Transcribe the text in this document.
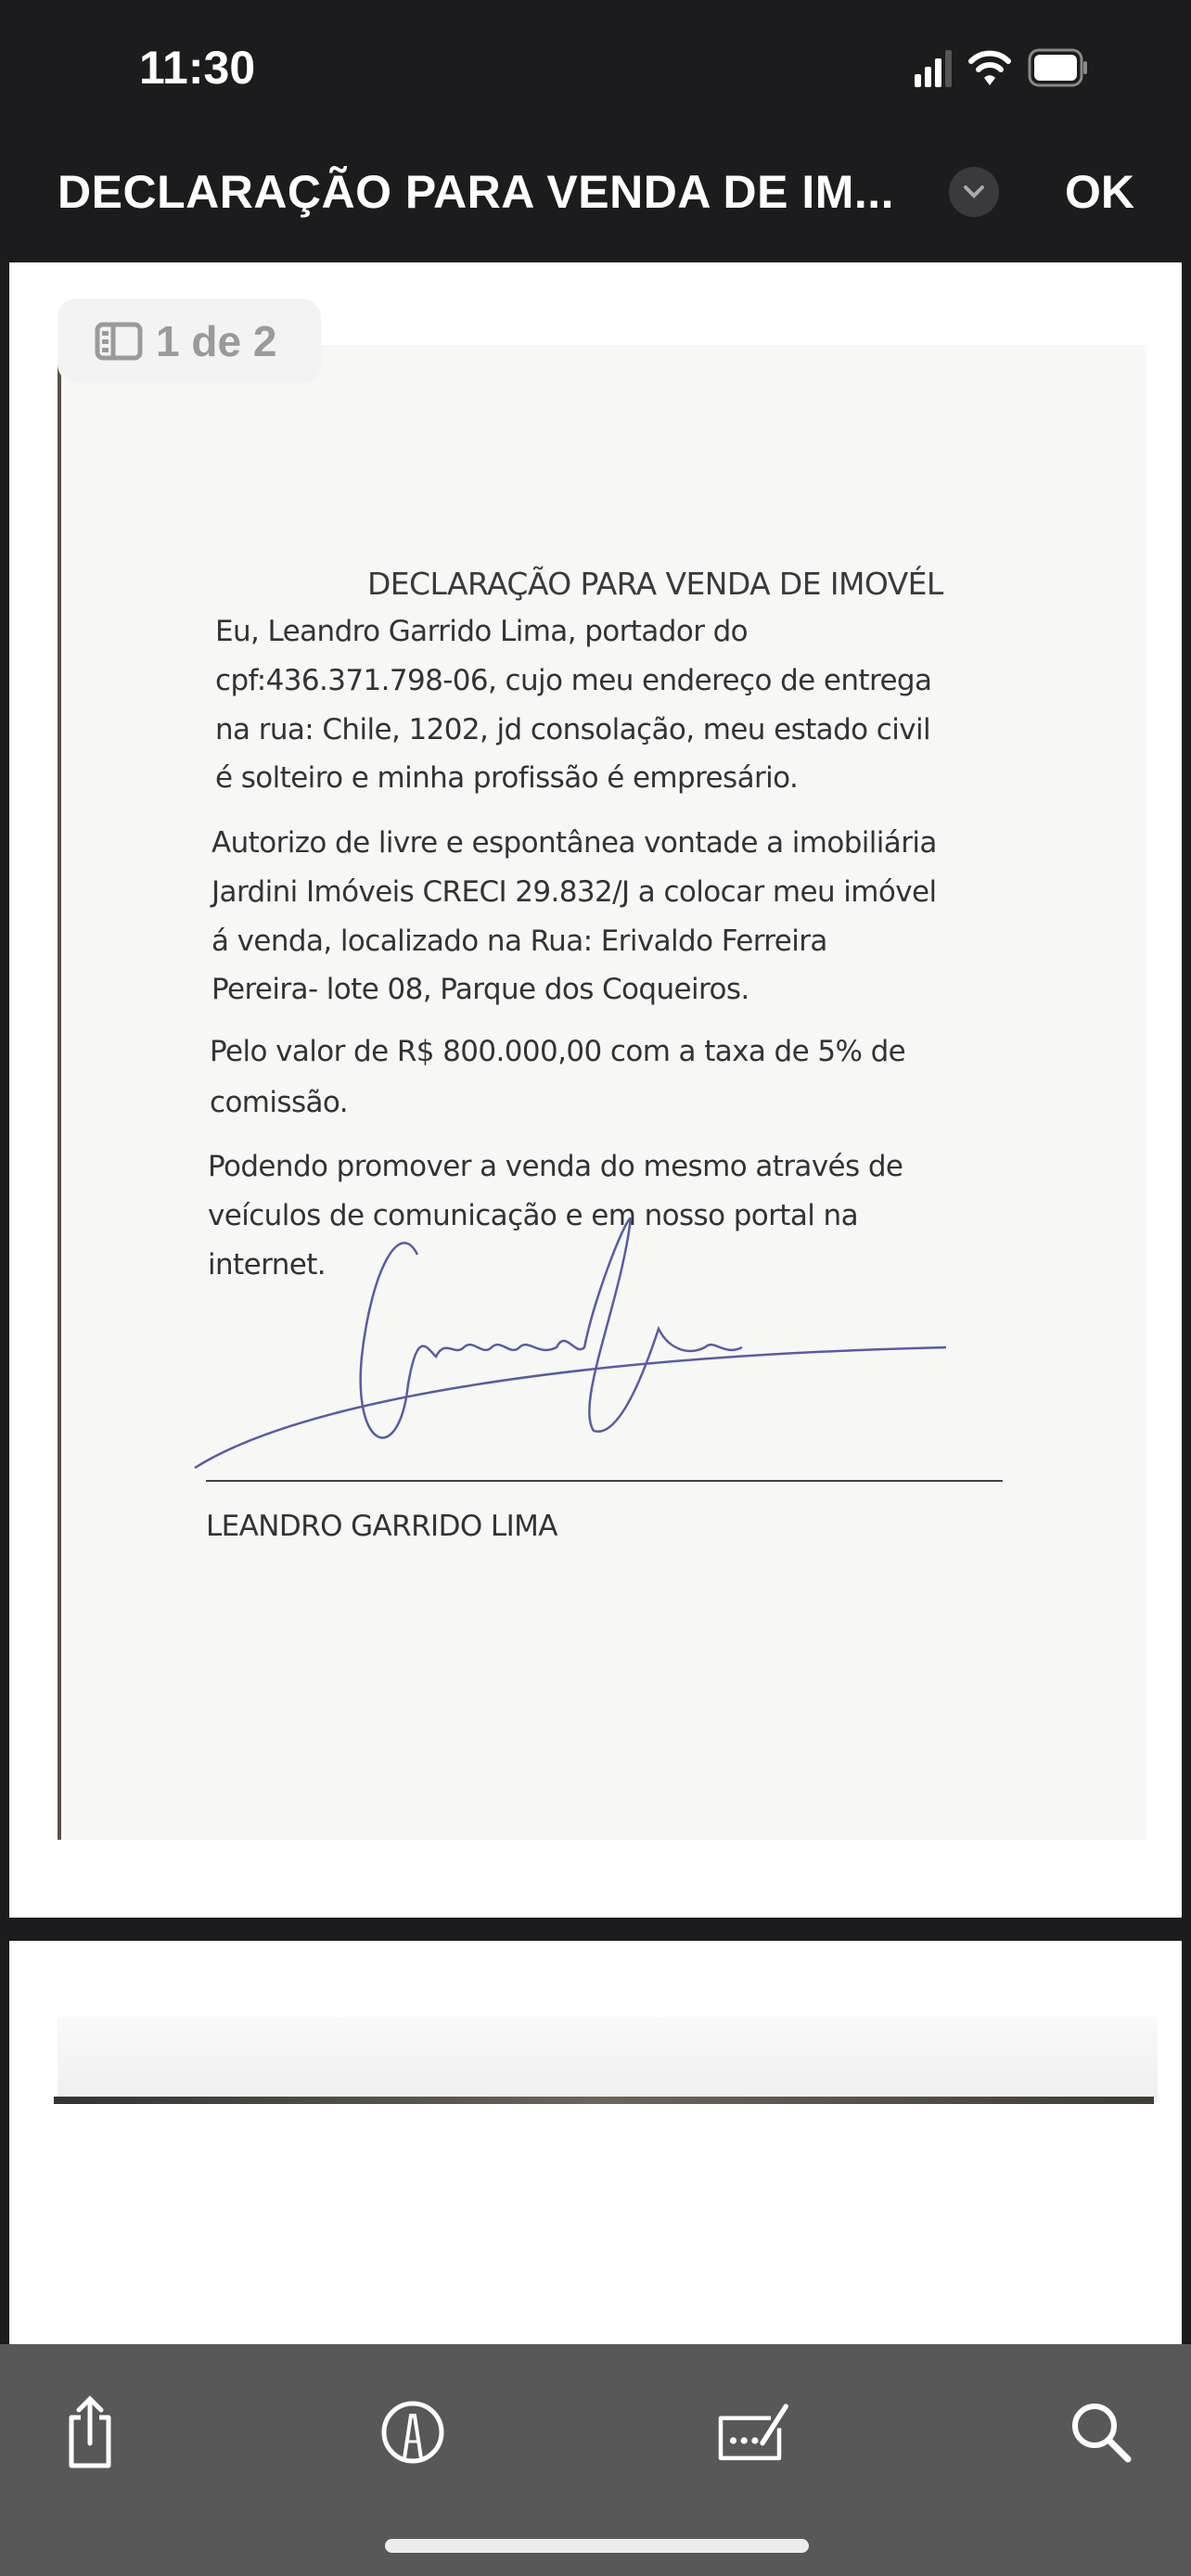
11:30
DECLARAÇÃO PARA VENDA DE IM...	OK
DECLARAÇÃO PARA VENDA DE IMOVÉL
Eu, Leandro Garrido Lima, portador do
cpf:436.371.798-06, cujo meu endereço de entrega
na rua: Chile, 1202, jd consolação, meu estado civil
é solteiro e minha profissão é empresário.
Autorizo de livre e espontânea vontade a imobiliária
Jardini Imóveis CRECI 29.832/J a colocar meu imóvel
á venda, localizado na Rua: Erivaldo Ferreira
Pereira- lote 08, Parque dos Coqueiros.
Pelo valor de R$ 800.000,00 com a taxa de 5% de
comissão.
Podendo promover a venda do mesmo através de
veículos de comunicação e em nosso portal na
internet.
LEANDRO GARRIDO LIMA
1 de 2
